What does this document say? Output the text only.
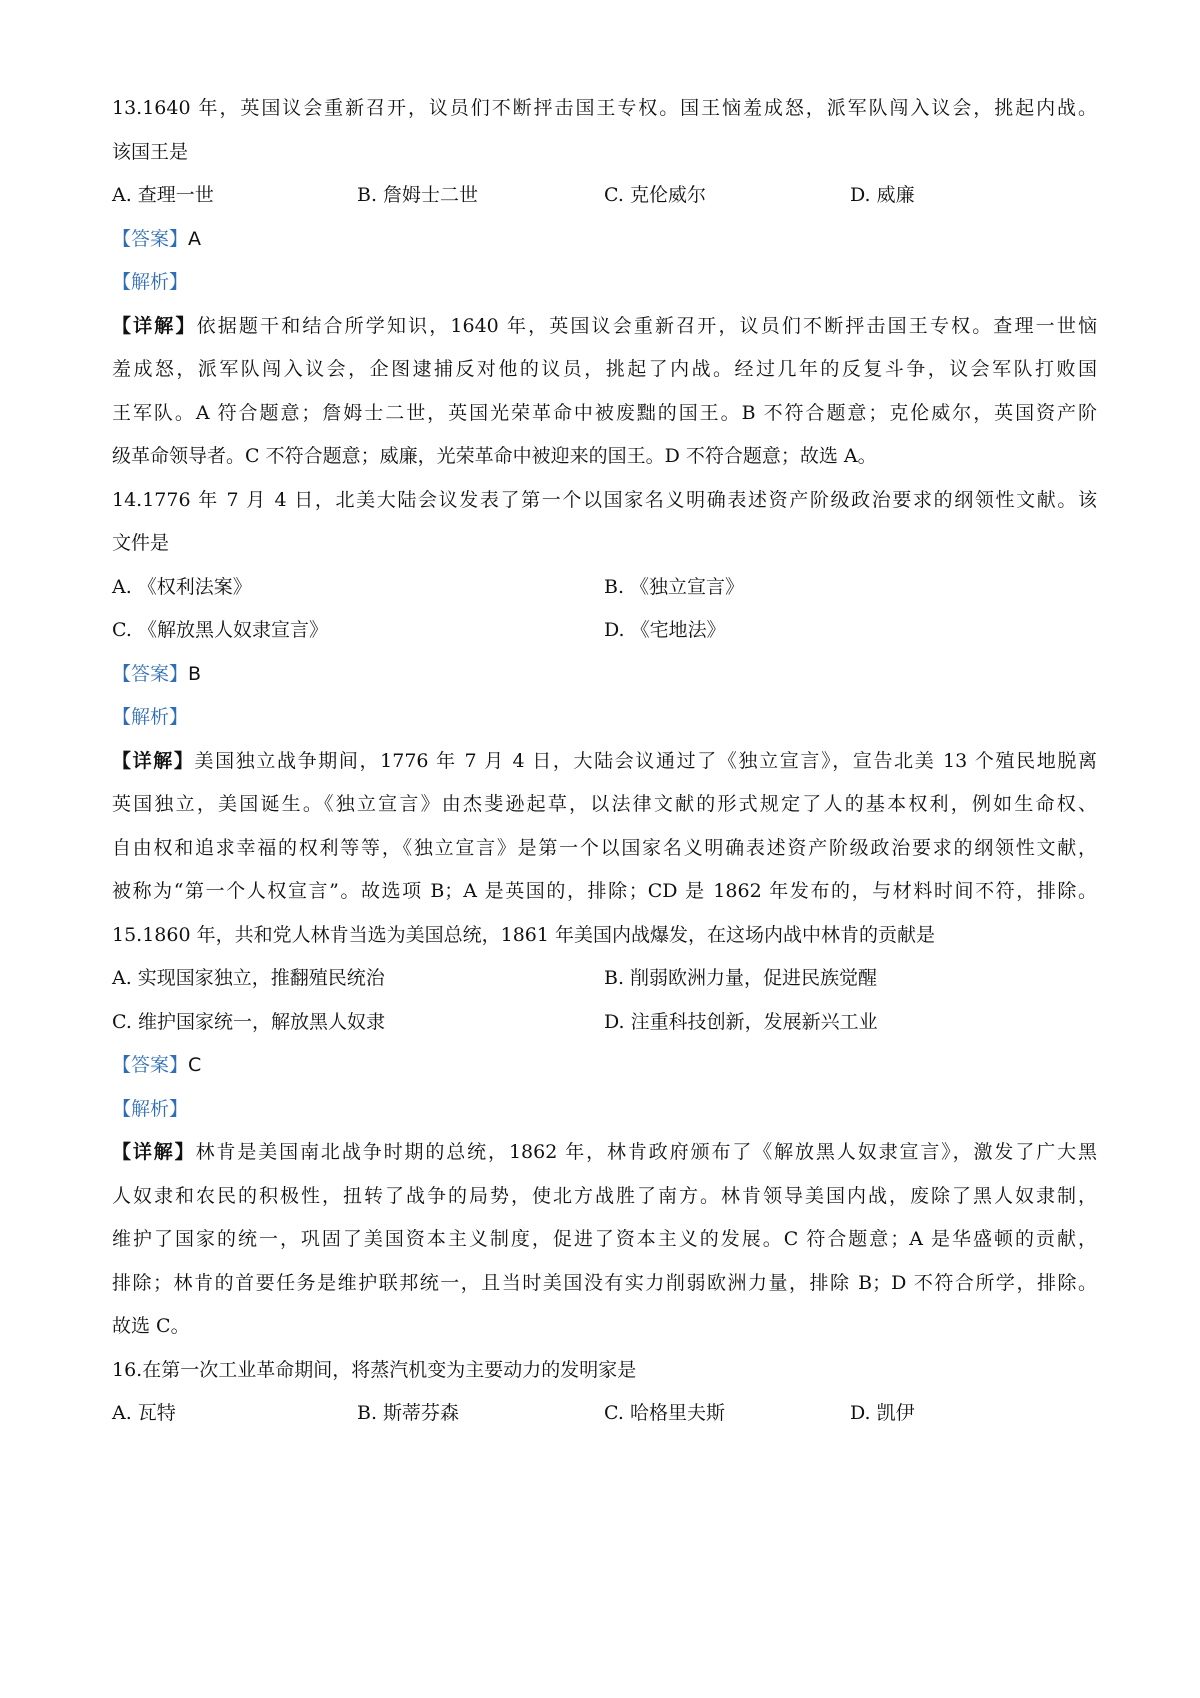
13.1640 年，英国议会重新召开，议员们不断抨击国王专权。国王恼羞成怒，派军队闯入议会，挑起内战。
该国王是
A. 查理一世	B. 詹姆士二世	C. 克伦威尔	D. 威廉
【答案】A
【解析】
【详解】依据题干和结合所学知识，1640 年，英国议会重新召开，议员们不断抨击国王专权。查理一世恼
羞成怒，派军队闯入议会，企图逮捕反对他的议员，挑起了内战。经过几年的反复斗争，议会军队打败国
王军队。A 符合题意；詹姆士二世，英国光荣革命中被废黜的国王。B 不符合题意；克伦威尔，英国资产阶
级革命领导者。C 不符合题意；威廉，光荣革命中被迎来的国王。D 不符合题意；故选 A。
14.1776 年 7 月 4 日，北美大陆会议发表了第一个以国家名义明确表述资产阶级政治要求的纲领性文献。该
文件是
A. 《权利法案》	B. 《独立宣言》
C. 《解放黑人奴隶宣言》	D. 《宅地法》
【答案】B
【解析】
【详解】美国独立战争期间，1776 年 7 月 4 日，大陆会议通过了《独立宣言》，宣告北美 13 个殖民地脱离
英国独立，美国诞生。《独立宣言》由杰斐逊起草，以法律文献的形式规定了人的基本权利，例如生命权、
自由权和追求幸福的权利等等，《独立宣言》是第一个以国家名义明确表述资产阶级政治要求的纲领性文献，
被称为“第一个人权宣言”。故选项 B；A 是英国的，排除；CD 是 1862 年发布的，与材料时间不符，排除。
15.1860 年，共和党人林肯当选为美国总统，1861 年美国内战爆发，在这场内战中林肯的贡献是
A. 实现国家独立，推翻殖民统治	B. 削弱欧洲力量，促进民族觉醒
C. 维护国家统一，解放黑人奴隶	D. 注重科技创新，发展新兴工业
【答案】C
【解析】
【详解】林肯是美国南北战争时期的总统，1862 年，林肯政府颁布了《解放黑人奴隶宣言》，激发了广大黑
人奴隶和农民的积极性，扭转了战争的局势，使北方战胜了南方。林肯领导美国内战，废除了黑人奴隶制，
维护了国家的统一，巩固了美国资本主义制度，促进了资本主义的发展。C 符合题意；A 是华盛顿的贡献，
排除；林肯的首要任务是维护联邦统一，且当时美国没有实力削弱欧洲力量，排除 B；D 不符合所学，排除。
故选 C。
16.在第一次工业革命期间，将蒸汽机变为主要动力的发明家是
A. 瓦特	B. 斯蒂芬森	C. 哈格里夫斯	D. 凯伊
